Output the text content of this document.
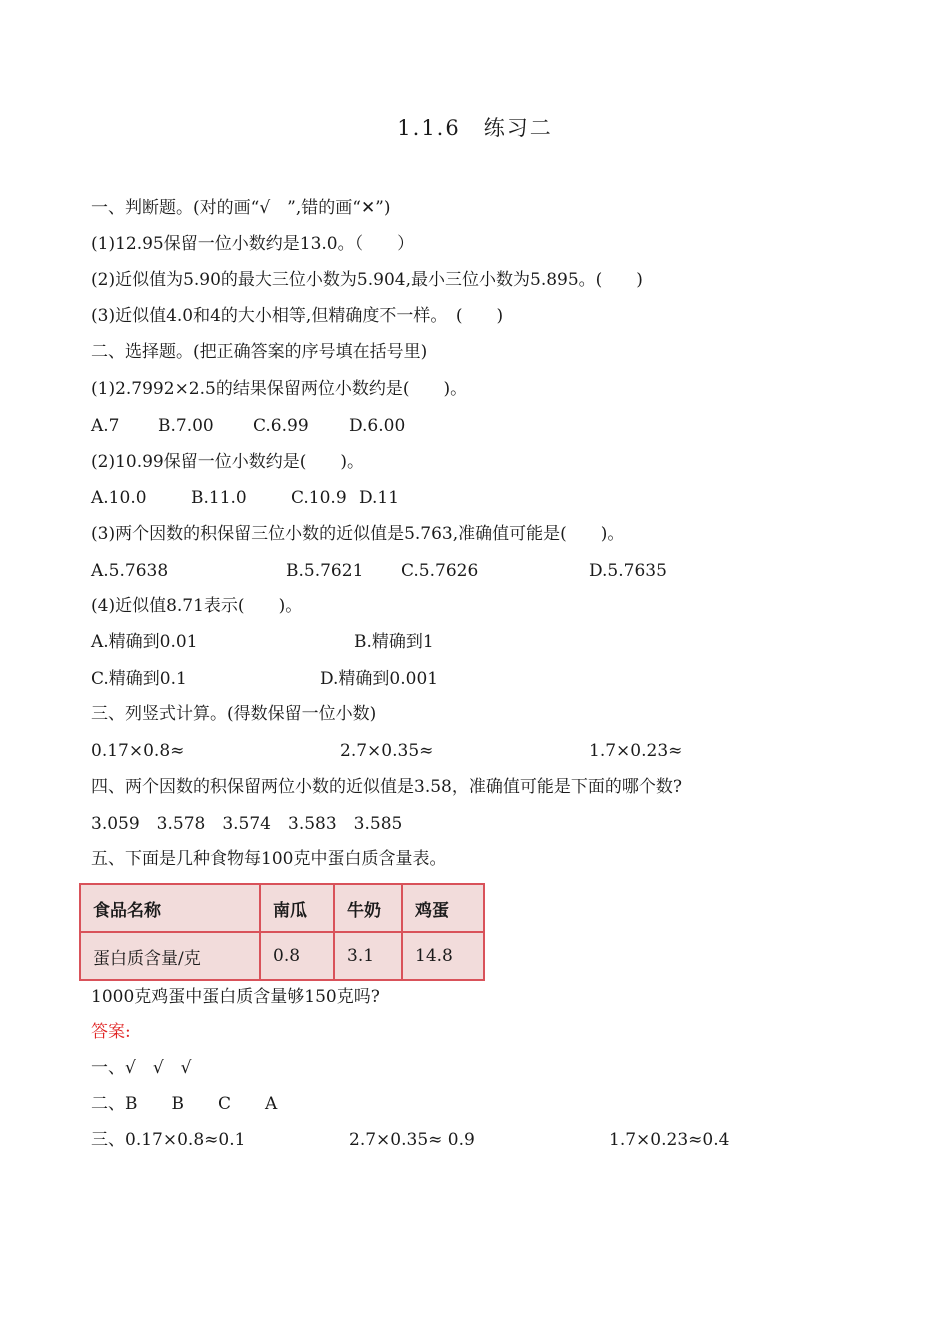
1.1.6　练习二
一、判断题。(对的画“√　”,错的画“✕”)
(1)12.95保留一位小数约是13.0。（　　）
(2)近似值为5.90的最大三位小数为5.904,最小三位小数为5.895。(　　)
(3)近似值4.0和4的大小相等,但精确度不一样。　(　　)
二、选择题。(把正确答案的序号填在括号里)
(1)2.7992×2.5的结果保留两位小数约是(　　)。
A.7 B.7.00 C.6.99 D.6.00
(2)10.99保留一位小数约是(　　)。
A.10.0	B.11.0	C.10.9 D.11
(3)两个因数的积保留三位小数的近似值是5.763,准确值可能是(　　)。
A.5.7638	B.5.7621 C.5.7626	D.5.7635
(4)近似值8.71表示(　　)。
A.精确到0.01	B.精确到1
C.精确到0.1	D.精确到0.001
三、列竖式计算。(得数保留一位小数)
0.17×0.8≈	2.7×0.35≈	1.7×0.23≈
四、两个因数的积保留两位小数的近似值是3.58，准确值可能是下面的哪个数?
3.059　3.578　3.574　3.583　3.585
五、下面是几种食物每100克中蛋白质含量表。
食品名称	南瓜	牛奶	鸡蛋
蛋白质含量/克	0.8	3.1	14.8
1000克鸡蛋中蛋白质含量够150克吗?
答案:
一、√　√　√
二、B　　B　　C　　A
三、0.17×0.8≈0.1	2.7×0.35≈ 0.9	1.7×0.23≈0.4
